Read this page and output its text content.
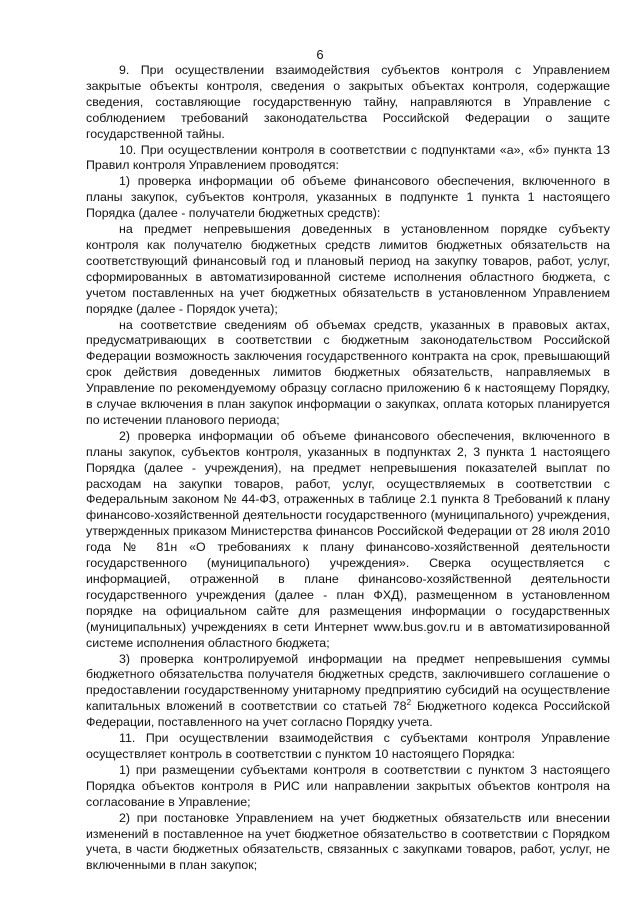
6

9. При осуществлении взаимодействия субъектов контроля с Управлением закрытые объекты контроля, сведения о закрытых объектах контроля, содержащие сведения, составляющие государственную тайну, направляются в Управление с соблюдением требований законодательства Российской Федерации о защите государственной тайны.

10. При осуществлении контроля в соответствии с подпунктами «а», «б» пункта 13 Правил контроля Управлением проводятся:

1) проверка информации об объеме финансового обеспечения, включенного в планы закупок, субъектов контроля, указанных в подпункте 1 пункта 1 настоящего Порядка (далее - получатели бюджетных средств):

на предмет непревышения доведенных в установленном порядке субъекту контроля как получателю бюджетных средств лимитов бюджетных обязательств на соответствующий финансовый год и плановый период на закупку товаров, работ, услуг, сформированных в автоматизированной системе исполнения областного бюджета, с учетом поставленных на учет бюджетных обязательств в установленном Управлением порядке (далее - Порядок учета);

на соответствие сведениям об объемах средств, указанных в правовых актах, предусматривающих в соответствии с бюджетным законодательством Российской Федерации возможность заключения государственного контракта на срок, превышающий срок действия доведенных лимитов бюджетных обязательств, направляемых в Управление по рекомендуемому образцу согласно приложению 6 к настоящему Порядку, в случае включения в план закупок информации о закупках, оплата которых планируется по истечении планового периода;

2) проверка информации об объеме финансового обеспечения, включенного в планы закупок, субъектов контроля, указанных в подпунктах 2, 3 пункта 1 настоящего Порядка (далее - учреждения), на предмет непревышения показателей выплат по расходам на закупки товаров, работ, услуг, осуществляемых в соответствии с Федеральным законом № 44-ФЗ, отраженных в таблице 2.1 пункта 8 Требований к плану финансово-хозяйственной деятельности государственного (муниципального) учреждения, утвержденных приказом Министерства финансов Российской Федерации от 28 июля 2010 года № 81н «О требованиях к плану финансово-хозяйственной деятельности государственного (муниципального) учреждения». Сверка осуществляется с информацией, отраженной в плане финансово-хозяйственной деятельности государственного учреждения (далее - план ФХД), размещенном в установленном порядке на официальном сайте для размещения информации о государственных (муниципальных) учреждениях в сети Интернет www.bus.gov.ru и в автоматизированной системе исполнения областного бюджета;

3) проверка контролируемой информации на предмет непревышения суммы бюджетного обязательства получателя бюджетных средств, заключившего соглашение о предоставлении государственному унитарному предприятию субсидий на осуществление капитальных вложений в соответствии со статьей $78^2$ Бюджетного кодекса Российской Федерации, поставленного на учет согласно Порядку учета.

11. При осуществлении взаимодействия с субъектами контроля Управление осуществляет контроль в соответствии с пунктом 10 настоящего Порядка:

1) при размещении субъектами контроля в соответствии с пунктом 3 настоящего Порядка объектов контроля в РИС или направлении закрытых объектов контроля на согласование в Управление;

2) при постановке Управлением на учет бюджетных обязательств или внесении изменений в поставленное на учет бюджетное обязательство в соответствии с Порядком учета, в части бюджетных обязательств, связанных с закупками товаров, работ, услуг, не включенными в план закупок;
